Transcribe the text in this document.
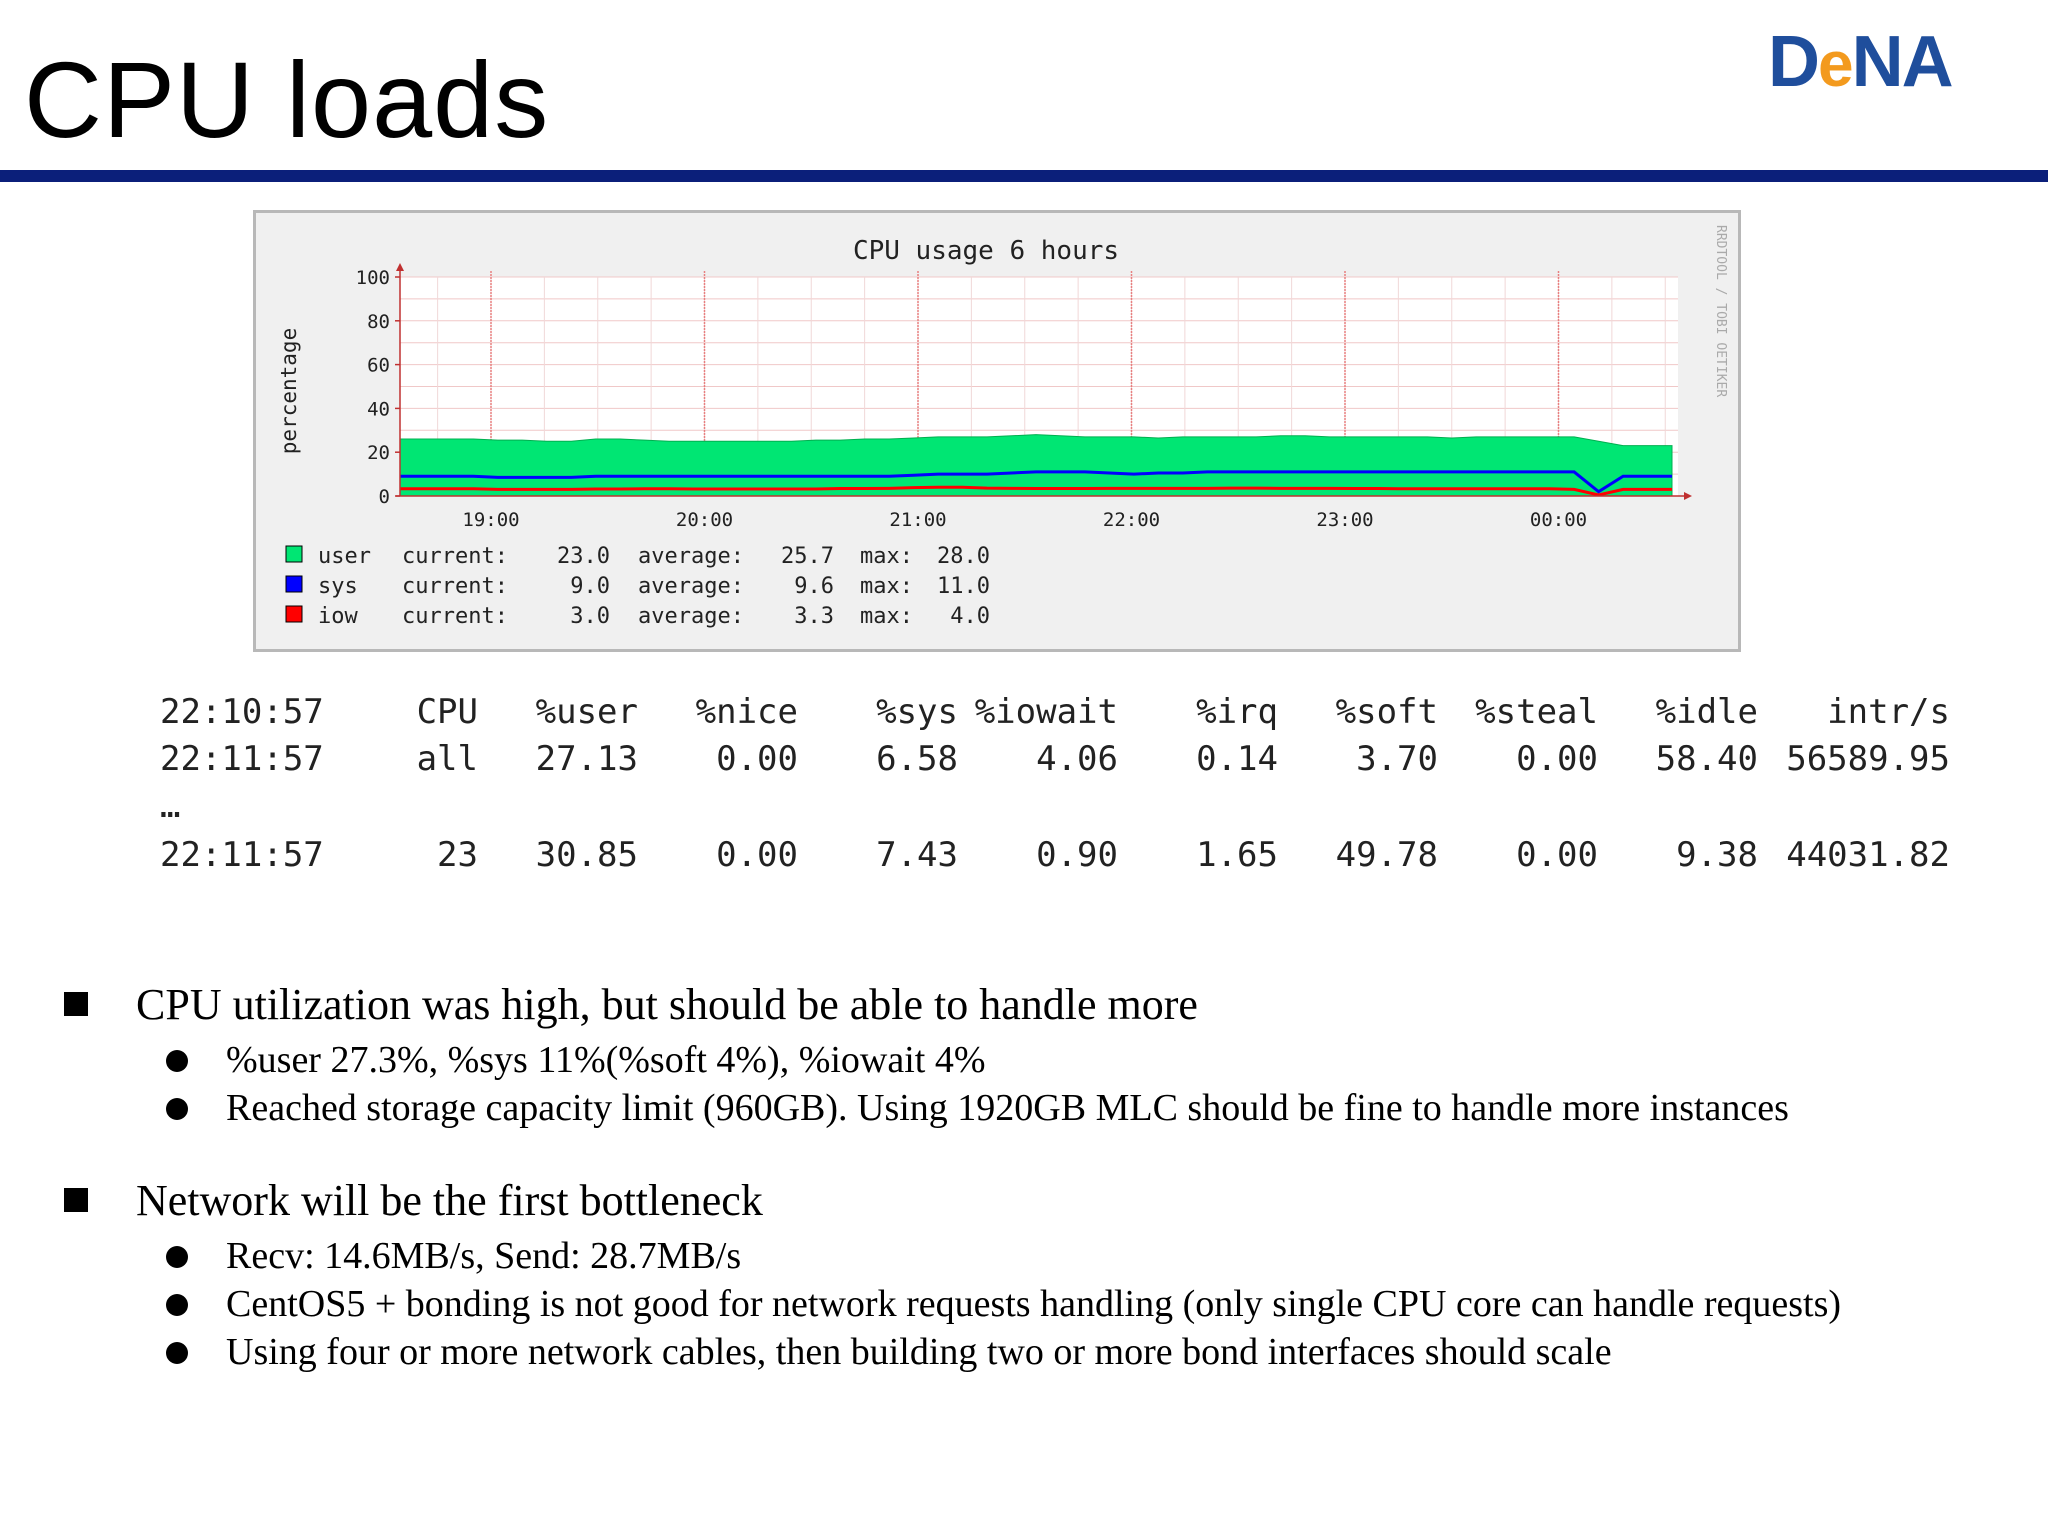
CPU loads	DeNA
0
20
40
60
80
100
19:00	20:00	21:00	22:00	23:00	00:00
CPU usage 6 hours
percentage	RRDTOOL / TOBI OETIKER
user current: 23.0 average: 25.7 max: 28.0
sys current:	9.0 average: 9.6 max: 11.0
iow current:	3.0 average: 3.3 max: 4.0
22:10:57	CPU %user %nice %sys %iowait %irq %soft %steal %idle intr/s
22:11:57	all 27.13 0.00 6.58 4.06 0.14 3.70 0.00 58.40 56589.95
…
22:11:57	23 30.85 0.00 7.43 0.90 1.65 49.78 0.00 9.38 44031.82
CPU utilization was high, but should be able to handle more
%user 27.3%, %sys 11%(%soft 4%), %iowait 4%
Reached storage capacity limit (960GB). Using 1920GB MLC should be fine to handle more instances
Network will be the first bottleneck
Recv: 14.6MB/s, Send: 28.7MB/s
CentOS5 + bonding is not good for network requests handling (only single CPU core can handle requests)
Using four or more network cables, then building two or more bond interfaces should scale
